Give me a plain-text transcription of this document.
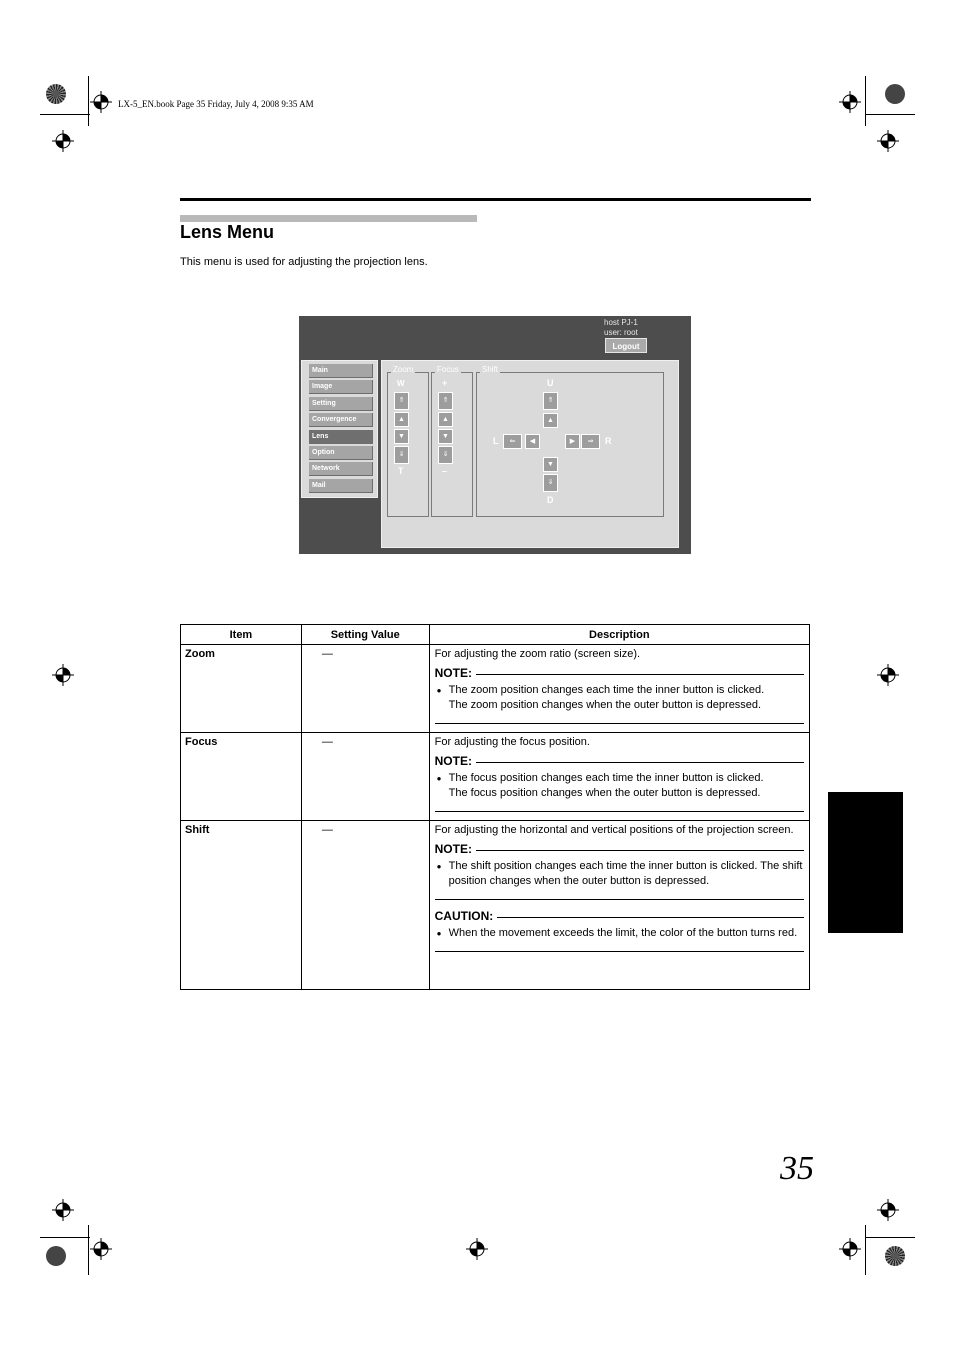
LX-5_EN.book Page 35 Friday, July 4, 2008 9:35 AM
Lens Menu
This menu is used for adjusting the projection lens.
host PJ-1
user: root
Logout
Main
Image
Setting
Convergence
Lens
Option
Network
Mail
Zoom
W
⇑
▲
▼
⇓
T
Focus
+
⇑
▲
▼
⇓
–
Shift
U
⇑
▲
L	⇐	◀	▶	⇒	R
▼
⇓
D
Item	Setting Value	Description
Zoom	—	For adjusting the zoom ratio (screen size).
NOTE:
● The zoom position changes each time the inner button is clicked.
The zoom position changes when the outer button is depressed.

Focus	—	For adjusting the focus position.
NOTE:
● The focus position changes each time the inner button is clicked.
The focus position changes when the outer button is depressed.

Shift	—	For adjusting the horizontal and vertical positions of the projection screen.
NOTE:
● The shift position changes each time the inner button is clicked. The shift position changes when the outer button is depressed.
CAUTION:
● When the movement exceeds the limit, the color of the button turns red.
35
